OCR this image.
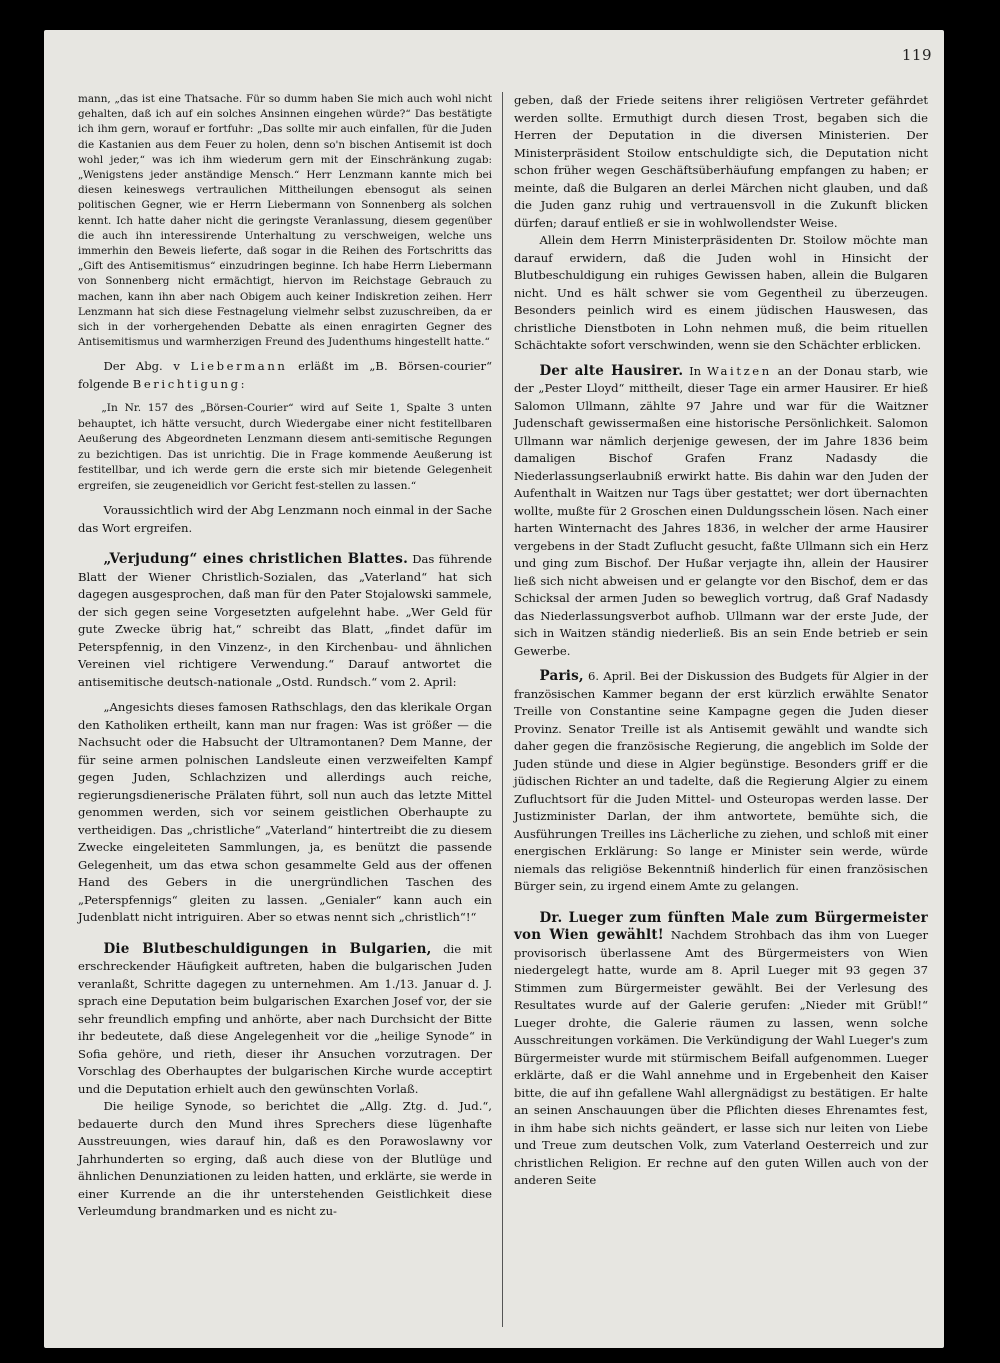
119

mann, „das ist eine Thatsache. Für so dumm haben Sie mich auch wohl nicht gehalten, daß ich auf ein solches Ansinnen eingehen würde?“ Das bestätigte ich ihm gern, worauf er fortfuhr: „Das sollte mir auch einfallen, für die Juden die Kastanien aus dem Feuer zu holen, denn so'n bischen Antisemit ist doch wohl jeder,“ was ich ihm wiederum gern mit der Einschränkung zugab: „Wenigstens jeder anständige Mensch.“ Herr Lenzmann kannte mich bei diesen keineswegs vertraulichen Mittheilungen ebensogut als seinen politischen Gegner, wie er Herrn Liebermann von Sonnenberg als solchen kennt. Ich hatte daher nicht die geringste Veranlassung, diesem gegenüber die auch ihn interessirende Unterhaltung zu verschweigen, welche uns immerhin den Beweis lieferte, daß sogar in die Reihen des Fortschritts das „Gift des Antisemitismus“ einzudringen beginne. Ich habe Herrn Liebermann von Sonnenberg nicht ermächtigt, hiervon im Reichstage Gebrauch zu machen, kann ihn aber nach Obigem auch keiner Indiskretion zeihen. Herr Lenzmann hat sich diese Festnagelung vielmehr selbst zuzuschreiben, da er sich in der vorhergehenden Debatte als einen enragirten Gegner des Antisemitismus und warmherzigen Freund des Judenthums hingestellt hatte.“

Der Abg. v Liebermann erläßt im „B. Börsen-courier“ folgende Berichtigung:

„In Nr. 157 des „Börsen-Courier“ wird auf Seite 1, Spalte 3 unten behauptet, ich hätte versucht, durch Wiedergabe einer nicht festitellbaren Aeußerung des Abgeordneten Lenzmann diesem anti-semitische Regungen zu bezichtigen. Das ist unrichtig. Die in Frage kommende Aeußerung ist festitellbar, und ich werde gern die erste sich mir bietende Gelegenheit ergreifen, sie zeugeneidlich vor Gericht fest-stellen zu lassen.“

Voraussichtlich wird der Abg Lenzmann noch einmal in der Sache das Wort ergreifen.

„Verjudung“ eines christlichen Blattes. Das führende Blatt der Wiener Christlich-Sozialen, das „Vaterland“ hat sich dagegen ausgesprochen, daß man für den Pater Stojalowski sammele, der sich gegen seine Vorgesetzten aufgelehnt habe. „Wer Geld für gute Zwecke übrig hat,“ schreibt das Blatt, „findet dafür im Peterspfennig, in den Vinzenz-, in den Kirchenbau- und ähnlichen Vereinen viel richtigere Verwendung.“ Darauf antwortet die antisemitische deutsch-nationale „Ostd. Rundsch.“ vom 2. April:

„Angesichts dieses famosen Rathschlags, den das klerikale Organ den Katholiken ertheilt, kann man nur fragen: Was ist größer — die Nachsucht oder die Habsucht der Ultramontanen? Dem Manne, der für seine armen polnischen Landsleute einen verzweifelten Kampf gegen Juden, Schlachzizen und allerdings auch reiche, regierungsdienerische Prälaten führt, soll nun auch das letzte Mittel genommen werden, sich vor seinem geistlichen Oberhaupte zu vertheidigen. Das „christliche“ „Vaterland“ hintertreibt die zu diesem Zwecke eingeleiteten Sammlungen, ja, es benützt die passende Gelegenheit, um das etwa schon gesammelte Geld aus der offenen Hand des Gebers in die unergründlichen Taschen des „Peterspfennigs“ gleiten zu lassen. „Genialer“ kann auch ein Judenblatt nicht intriguiren. Aber so etwas nennt sich „christlich“!“

Die Blutbeschuldigungen in Bulgarien, die mit erschreckender Häufigkeit auftreten, haben die bulgarischen Juden veranlaßt, Schritte dagegen zu unternehmen. Am 1./13. Januar d. J. sprach eine Deputation beim bulgarischen Exarchen Josef vor, der sie sehr freundlich empfing und anhörte, aber nach Durchsicht der Bitte ihr bedeutete, daß diese Angelegenheit vor die „heilige Synode“ in Sofia gehöre, und rieth, dieser ihr Ansuchen vorzutragen. Der Vorschlag des Oberhauptes der bulgarischen Kirche wurde acceptirt und die Deputation erhielt auch den gewünschten Vorlaß.

Die heilige Synode, so berichtet die „Allg. Ztg. d. Jud.“, bedauerte durch den Mund ihres Sprechers diese lügenhafte Ausstreuungen, wies darauf hin, daß es den Porawoslawny vor Jahrhunderten so erging, daß auch diese von der Blutlüge und ähnlichen Denunziationen zu leiden hatten, und erklärte, sie werde in einer Kurrende an die ihr unterstehenden Geistlichkeit diese Verleumdung brandmarken und es nicht zu-

geben, daß der Friede seitens ihrer religiösen Vertreter gefährdet werden sollte. Ermuthigt durch diesen Trost, begaben sich die Herren der Deputation in die diversen Ministerien. Der Ministerpräsident Stoilow entschuldigte sich, die Deputation nicht schon früher wegen Geschäftsüberhäufung empfangen zu haben; er meinte, daß die Bulgaren an derlei Märchen nicht glauben, und daß die Juden ganz ruhig und vertrauensvoll in die Zukunft blicken dürfen; darauf entließ er sie in wohlwollendster Weise.

Allein dem Herrn Ministerpräsidenten Dr. Stoilow möchte man darauf erwidern, daß die Juden wohl in Hinsicht der Blutbeschuldigung ein ruhiges Gewissen haben, allein die Bulgaren nicht. Und es hält schwer sie vom Gegentheil zu überzeugen. Besonders peinlich wird es einem jüdischen Hauswesen, das christliche Dienstboten in Lohn nehmen muß, die beim rituellen Schächtakte sofort verschwinden, wenn sie den Schächter erblicken.

Der alte Hausirer. In Waitzen an der Donau starb, wie der „Pester Lloyd“ mittheilt, dieser Tage ein armer Hausirer. Er hieß Salomon Ullmann, zählte 97 Jahre und war für die Waitzner Judenschaft gewissermaßen eine historische Persönlichkeit. Salomon Ullmann war nämlich derjenige gewesen, der im Jahre 1836 beim damaligen Bischof Grafen Franz Nadasdy die Niederlassungserlaubniß erwirkt hatte. Bis dahin war den Juden der Aufenthalt in Waitzen nur Tags über gestattet; wer dort übernachten wollte, mußte für 2 Groschen einen Duldungsschein lösen. Nach einer harten Winternacht des Jahres 1836, in welcher der arme Hausirer vergebens in der Stadt Zuflucht gesucht, faßte Ullmann sich ein Herz und ging zum Bischof. Der Hußar verjagte ihn, allein der Hausirer ließ sich nicht abweisen und er gelangte vor den Bischof, dem er das Schicksal der armen Juden so beweglich vortrug, daß Graf Nadasdy das Niederlassungsverbot aufhob. Ullmann war der erste Jude, der sich in Waitzen ständig niederließ. Bis an sein Ende betrieb er sein Gewerbe.

Paris, 6. April. Bei der Diskussion des Budgets für Algier in der französischen Kammer begann der erst kürzlich erwählte Senator Treille von Constantine seine Kampagne gegen die Juden dieser Provinz. Senator Treille ist als Antisemit gewählt und wandte sich daher gegen die französische Regierung, die angeblich im Solde der Juden stünde und diese in Algier begünstige. Besonders griff er die jüdischen Richter an und tadelte, daß die Regierung Algier zu einem Zufluchtsort für die Juden Mittel- und Osteuropas werden lasse. Der Justizminister Darlan, der ihm antwortete, bemühte sich, die Ausführungen Treilles ins Lächerliche zu ziehen, und schloß mit einer energischen Erklärung: So lange er Minister sein werde, würde niemals das religiöse Bekenntniß hinderlich für einen französischen Bürger sein, zu irgend einem Amte zu gelangen.

Dr. Lueger zum fünften Male zum Bürgermeister von Wien gewählt! Nachdem Strohbach das ihm von Lueger provisorisch überlassene Amt des Bürgermeisters von Wien niedergelegt hatte, wurde am 8. April Lueger mit 93 gegen 37 Stimmen zum Bürgermeister gewählt. Bei der Verlesung des Resultates wurde auf der Galerie gerufen: „Nieder mit Grübl!“ Lueger drohte, die Galerie räumen zu lassen, wenn solche Ausschreitungen vorkämen. Die Verkündigung der Wahl Lueger's zum Bürgermeister wurde mit stürmischem Beifall aufgenommen. Lueger erklärte, daß er die Wahl annehme und in Ergebenheit den Kaiser bitte, die auf ihn gefallene Wahl allergnädigst zu bestätigen. Er halte an seinen Anschauungen über die Pflichten dieses Ehrenamtes fest, in ihm habe sich nichts geändert, er lasse sich nur leiten von Liebe und Treue zum deutschen Volk, zum Vaterland Oesterreich und zur christlichen Religion. Er rechne auf den guten Willen auch von der anderen Seite
